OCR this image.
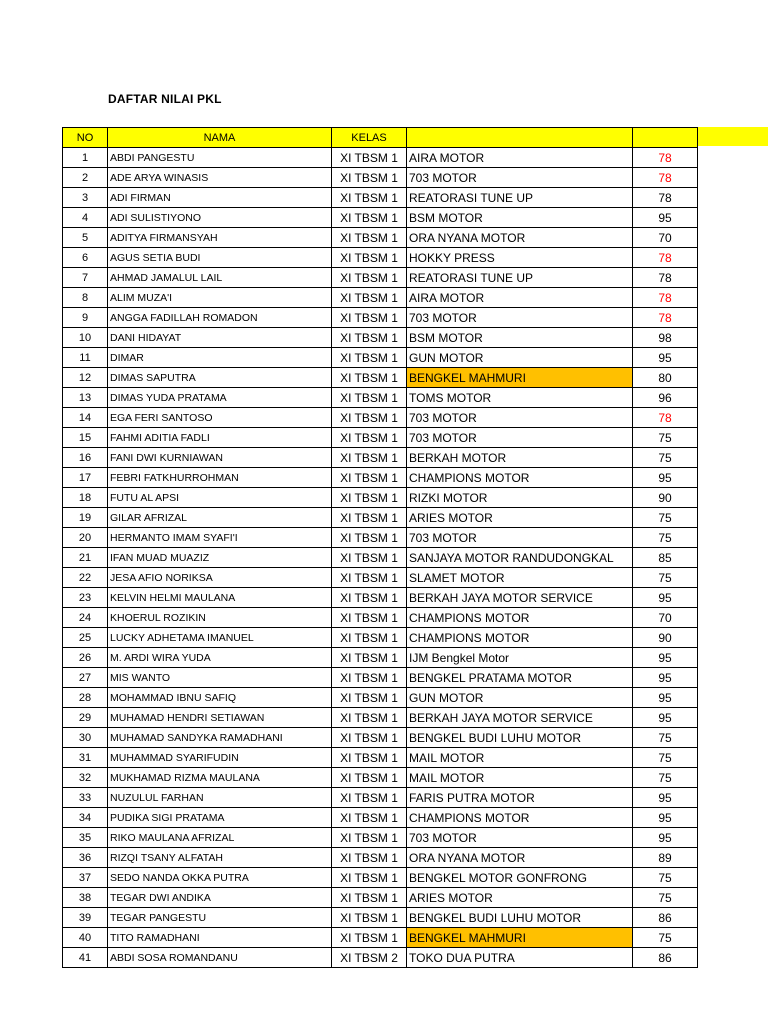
DAFTAR NILAI PKL
NO	NAMA	KELAS		
1	ABDI PANGESTU	XI TBSM 1	AIRA MOTOR	78
2	ADE ARYA WINASIS	XI TBSM 1	703 MOTOR	78
3	ADI FIRMAN	XI TBSM 1	REATORASI TUNE UP	78
4	ADI SULISTIYONO	XI TBSM 1	BSM MOTOR	95
5	ADITYA FIRMANSYAH	XI TBSM 1	ORA NYANA MOTOR	70
6	AGUS SETIA BUDI	XI TBSM 1	HOKKY PRESS	78
7	AHMAD JAMALUL LAIL	XI TBSM 1	REATORASI TUNE UP	78
8	ALIM MUZA'I	XI TBSM 1	AIRA MOTOR	78
9	ANGGA FADILLAH ROMADON	XI TBSM 1	703 MOTOR	78
10	DANI HIDAYAT	XI TBSM 1	BSM MOTOR	98
11	DIMAR	XI TBSM 1	GUN MOTOR	95
12	DIMAS SAPUTRA	XI TBSM 1	BENGKEL MAHMURI	80
13	DIMAS YUDA PRATAMA	XI TBSM 1	TOMS MOTOR	96
14	EGA FERI SANTOSO	XI TBSM 1	703 MOTOR	78
15	FAHMI ADITIA FADLI	XI TBSM 1	703 MOTOR	75
16	FANI DWI KURNIAWAN	XI TBSM 1	BERKAH MOTOR	75
17	FEBRI FATKHURROHMAN	XI TBSM 1	CHAMPIONS MOTOR	95
18	FUTU AL APSI	XI TBSM 1	RIZKI MOTOR	90
19	GILAR AFRIZAL	XI TBSM 1	ARIES MOTOR	75
20	HERMANTO IMAM SYAFI'I	XI TBSM 1	703 MOTOR	75
21	IFAN MUAD MUAZIZ	XI TBSM 1	SANJAYA MOTOR RANDUDONGKAL	85
22	JESA AFIO NORIKSA	XI TBSM 1	SLAMET MOTOR	75
23	KELVIN HELMI MAULANA	XI TBSM 1	BERKAH JAYA MOTOR SERVICE	95
24	KHOERUL ROZIKIN	XI TBSM 1	CHAMPIONS MOTOR	70
25	LUCKY ADHETAMA IMANUEL	XI TBSM 1	CHAMPIONS MOTOR	90
26	M. ARDI WIRA YUDA	XI TBSM 1	IJM Bengkel Motor	95
27	MIS WANTO	XI TBSM 1	BENGKEL PRATAMA MOTOR	95
28	MOHAMMAD IBNU SAFIQ	XI TBSM 1	GUN MOTOR	95
29	MUHAMAD HENDRI SETIAWAN	XI TBSM 1	BERKAH JAYA MOTOR SERVICE	95
30	MUHAMAD SANDYKA RAMADHANI	XI TBSM 1	BENGKEL BUDI LUHU MOTOR	75
31	MUHAMMAD SYARIFUDIN	XI TBSM 1	MAIL MOTOR	75
32	MUKHAMAD RIZMA MAULANA	XI TBSM 1	MAIL MOTOR	75
33	NUZULUL FARHAN	XI TBSM 1	FARIS PUTRA MOTOR	95
34	PUDIKA SIGI PRATAMA	XI TBSM 1	CHAMPIONS MOTOR	95
35	RIKO MAULANA AFRIZAL	XI TBSM 1	703 MOTOR	95
36	RIZQI TSANY ALFATAH	XI TBSM 1	ORA NYANA MOTOR	89
37	SEDO NANDA OKKA PUTRA	XI TBSM 1	BENGKEL MOTOR GONFRONG	75
38	TEGAR DWI ANDIKA	XI TBSM 1	ARIES MOTOR	75
39	TEGAR PANGESTU	XI TBSM 1	BENGKEL BUDI LUHU MOTOR	86
40	TITO RAMADHANI	XI TBSM 1	BENGKEL MAHMURI	75
41	ABDI SOSA ROMANDANU	XI TBSM 2	TOKO DUA PUTRA	86
